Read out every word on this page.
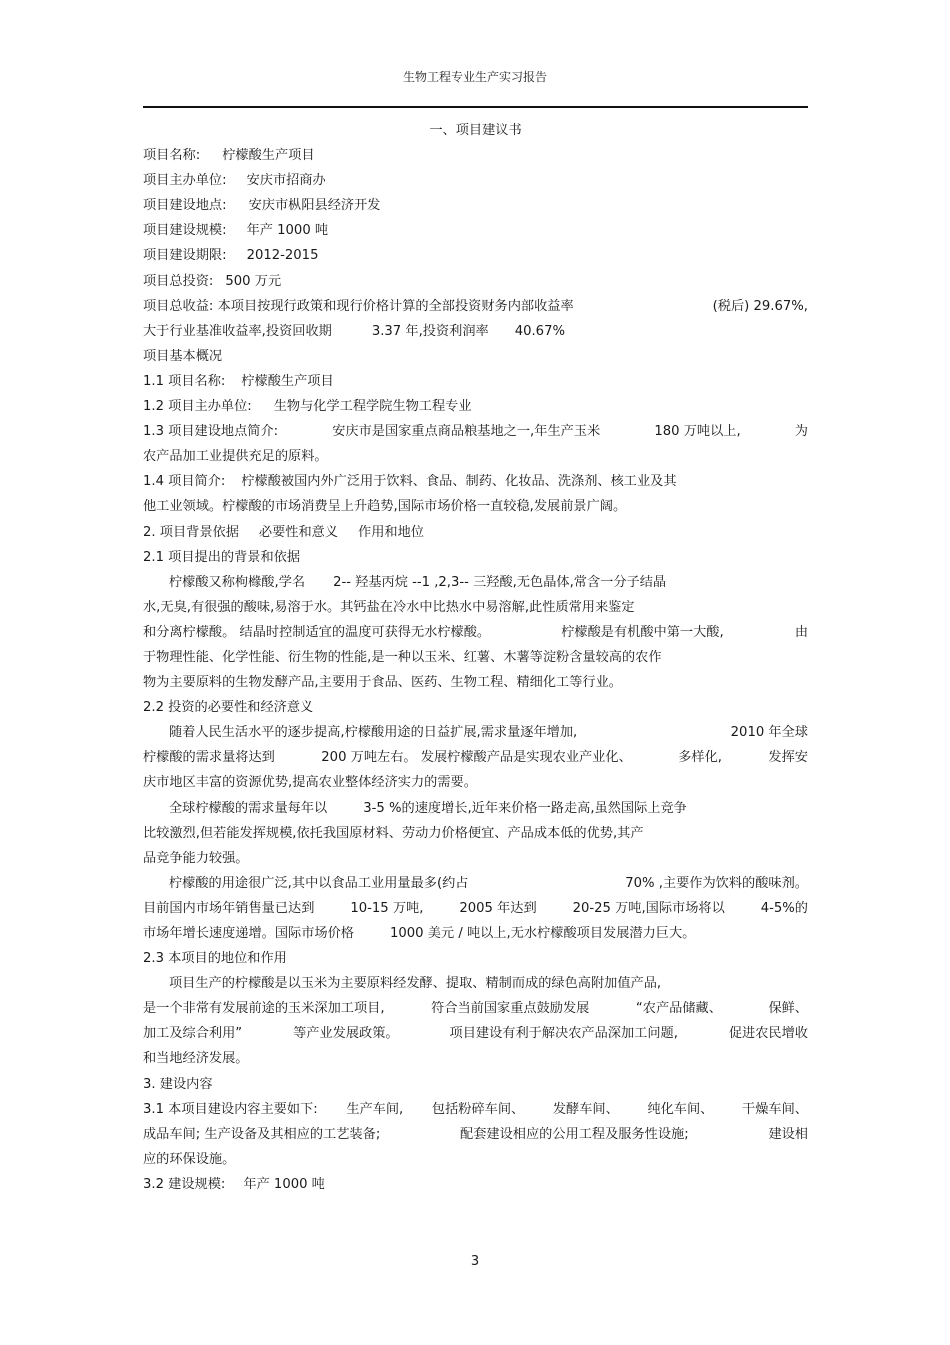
生物工程专业生产实习报告
一、项目建议书
项目名称: 柠檬酸生产项目
项目主办单位: 安庆市招商办
项目建设地点: 安庆市枞阳县经济开发
项目建设规模: 年产 1000 吨
项目建设期限: 2012-2015
项目总投资: 500 万元
项目总收益: 本项目按现行政策和现行价格计算的全部投资财务内部收益率	(税后) 29.67%,
大于行业基准收益率,投资回收期	3.37 年,投资利润率 40.67%
项目基本概况
1.1 项目名称: 柠檬酸生产项目
1.2 项目主办单位: 生物与化学工程学院生物工程专业
1.3 项目建设地点简介:	安庆市是国家重点商品粮基地之一,年生产玉米	180 万吨以上,	为
农产品加工业提供充足的原料。
1.4 项目简介: 柠檬酸被国内外广泛用于饮料、食品、制药、化妆品、洗涤剂、核工业及其
他工业领域。柠檬酸的市场消费呈上升趋势,国际市场价格一直较稳,发展前景广阔。
2. 项目背景依据 必要性和意义 作用和地位
2.1 项目提出的背景和依据
柠檬酸又称枸橼酸,学名 2-- 羟基丙烷 --1 ,2,3-- 三羟酸,无色晶体,常含一分子结晶
水,无臭,有很强的酸味,易溶于水。其钙盐在冷水中比热水中易溶解,此性质常用来鉴定
和分离柠檬酸。 结晶时控制适宜的温度可获得无水柠檬酸。	柠檬酸是有机酸中第一大酸,	由
于物理性能、化学性能、衍生物的性能,是一种以玉米、红薯、木薯等淀粉含量较高的农作
物为主要原料的生物发酵产品,主要用于食品、医药、生物工程、精细化工等行业。
2.2 投资的必要性和经济意义
随着人民生活水平的逐步提高,柠檬酸用途的日益扩展,需求量逐年增加,	2010 年全球
柠檬酸的需求量将达到	200 万吨左右。 发展柠檬酸产品是实现农业产业化、	多样化,	发挥安
庆市地区丰富的资源优势,提高农业整体经济实力的需要。
全球柠檬酸的需求量每年以	3-5 %的速度增长,近年来价格一路走高,虽然国际上竞争
比较激烈,但若能发挥规模,依托我国原材料、劳动力价格便宜、产品成本低的优势,其产
品竞争能力较强。
柠檬酸的用途很广泛,其中以食品工业用量最多(约占	70% ,主要作为饮料的酸味剂。
目前国内市场年销售量已达到	10-15 万吨,	2005 年达到	20-25 万吨,国际市场将以	4-5%的
市场年增长速度递增。国际市场价格	1000 美元 / 吨以上,无水柠檬酸项目发展潜力巨大。
2.3 本项目的地位和作用
项目生产的柠檬酸是以玉米为主要原料经发酵、提取、精制而成的绿色高附加值产品,
是一个非常有发展前途的玉米深加工项目,	符合当前国家重点鼓励发展	“农产品储藏、	保鲜、
加工及综合利用”	等产业发展政策。	项目建设有利于解决农产品深加工问题,	促进农民增收
和当地经济发展。
3. 建设内容
3.1 本项目建设内容主要如下: 生产车间, 包括粉碎车间、 发酵车间、 纯化车间、 干燥车间、
成品车间; 生产设备及其相应的工艺装备;	配套建设相应的公用工程及服务性设施;	建设相
应的环保设施。
3.2 建设规模: 年产 1000 吨
3
